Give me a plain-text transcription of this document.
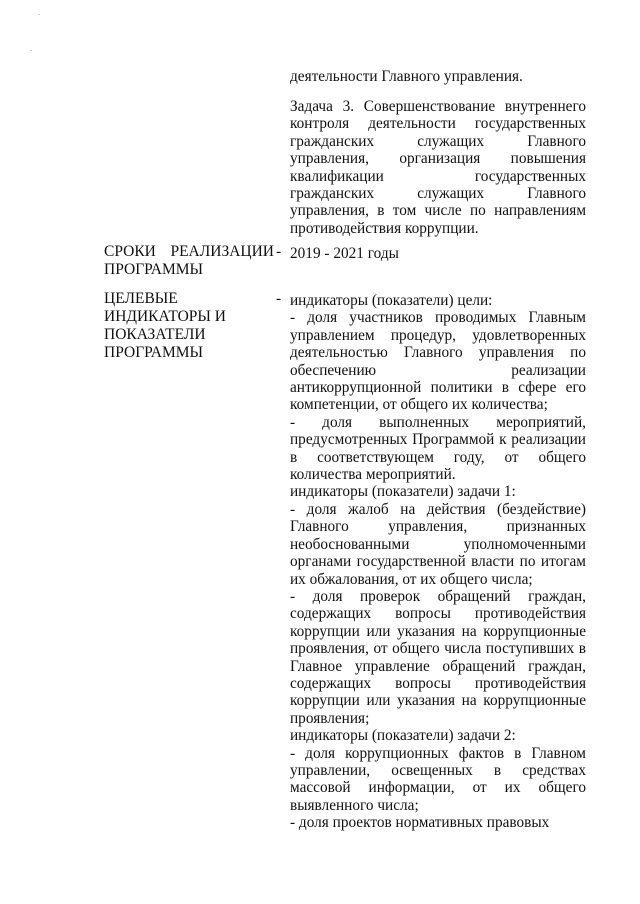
деятельности Главного управления.

Задача 3. Совершенствование внутреннего контроля деятельности государственных гражданских служащих Главного управления, организация повышения квалификации государственных гражданских служащих Главного управления, в том числе по направлениям противодействия коррупции.

СРОКИ РЕАЛИЗАЦИИ ПРОГРАММЫ

- 2019 - 2021 годы

ЦЕЛЕВЫЕ ИНДИКАТОРЫ И ПОКАЗАТЕЛИ ПРОГРАММЫ

- индикаторы (показатели) цели:

- доля участников проводимых Главным управлением процедур, удовлетворенных деятельностью Главного управления по обеспечению реализации антикоррупционной политики в сфере его компетенции, от общего их количества;

- доля выполненных мероприятий, предусмотренных Программой к реализации в соответствующем году, от общего количества мероприятий.

индикаторы (показатели) задачи 1:

- доля жалоб на действия (бездействие) Главного управления, признанных необоснованными уполномоченными органами государственной власти по итогам их обжалования, от их общего числа;

- доля проверок обращений граждан, содержащих вопросы противодействия коррупции или указания на коррупционные проявления, от общего числа поступивших в Главное управление обращений граждан, содержащих вопросы противодействия коррупции или указания на коррупционные проявления;

индикаторы (показатели) задачи 2:

- доля коррупционных фактов в Главном управлении, освещенных в средствах массовой информации, от их общего выявленного числа;

- доля проектов нормативных правовых
